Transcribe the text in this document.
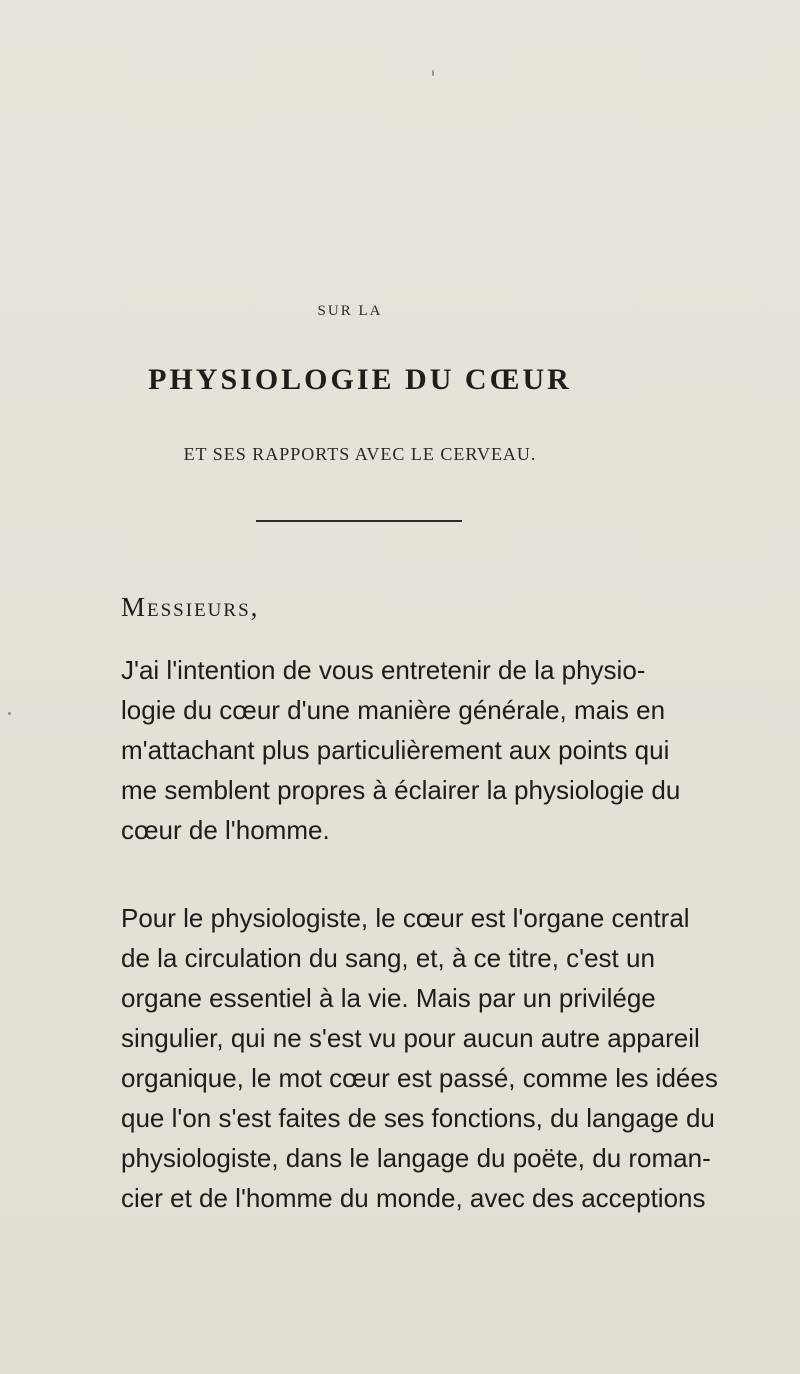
SUR LA
PHYSIOLOGIE DU CŒUR
ET SES RAPPORTS AVEC LE CERVEAU.
Messieurs,

J'ai l'intention de vous entretenir de la physio-
logie du cœur d'une manière générale, mais en
m'attachant plus particulièrement aux points qui
me semblent propres à éclairer la physiologie du
cœur de l'homme.

Pour le physiologiste, le cœur est l'organe central
de la circulation du sang, et, à ce titre, c'est un
organe essentiel à la vie. Mais par un privilége
singulier, qui ne s'est vu pour aucun autre appareil
organique, le mot cœur est passé, comme les idées
que l'on s'est faites de ses fonctions, du langage du
physiologiste, dans le langage du poëte, du roman-
cier et de l'homme du monde, avec des acceptions
